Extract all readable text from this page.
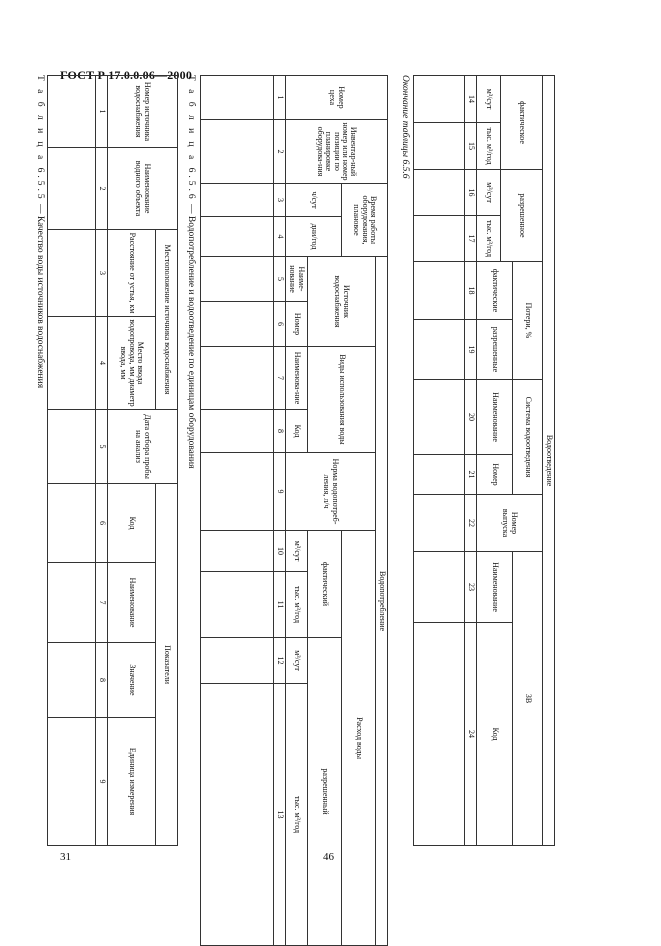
ГОСТ Р 17.0.0.06—2000
Т а б л и ц а 6.5.5 — Качество воды источников водоснабжения
Номер источника водоснабжения	Наименование водного объекта	Местоположение источника водоснабжения		Дата отбора пробы на анализ	Показатели			
		Расстояние от устья, км	Место ввода водопровода, мм диаметр ввода, мм		Код	Наименование	Значение	Единица измерения
1	2	3	4	5	6	7	8	9

Т а б л и ц а 6.5.6 — Водопотребление и водоотведение по единицам оборудования
Номер цеха	Инвентар-ный номер или номер позиции по планировке оборудова-ния	Время работы оборудования, плановое		Водопотребление								
				Источник водоснабжения		Виды использования воды		Норма водопотреб-ления, л/ч	Расход воды			
		ч/сут	дни/год						фактический		разрешенный	
				Наиме-нование	Номер	Наименова-ние	Код		м³/сут	тыс. м³/год	м³/сут	тыс. м³/год
1	2	3	4	5	6	7	8	9	10	11	12	13

Окончание таблицы 6.5.6
Водоотведение										
фактическое		разрешенное		Потери, %		Система водоотведения		Номер выпуска	ЗВ	
				фактические	разрешенные	Наименование	Номер		Наименование	Код
м³/сут	тыс. м³/год	м³/сут	тыс. м³/год							
14	15	16	17	18	19	20	21	22	23	24

31	46
